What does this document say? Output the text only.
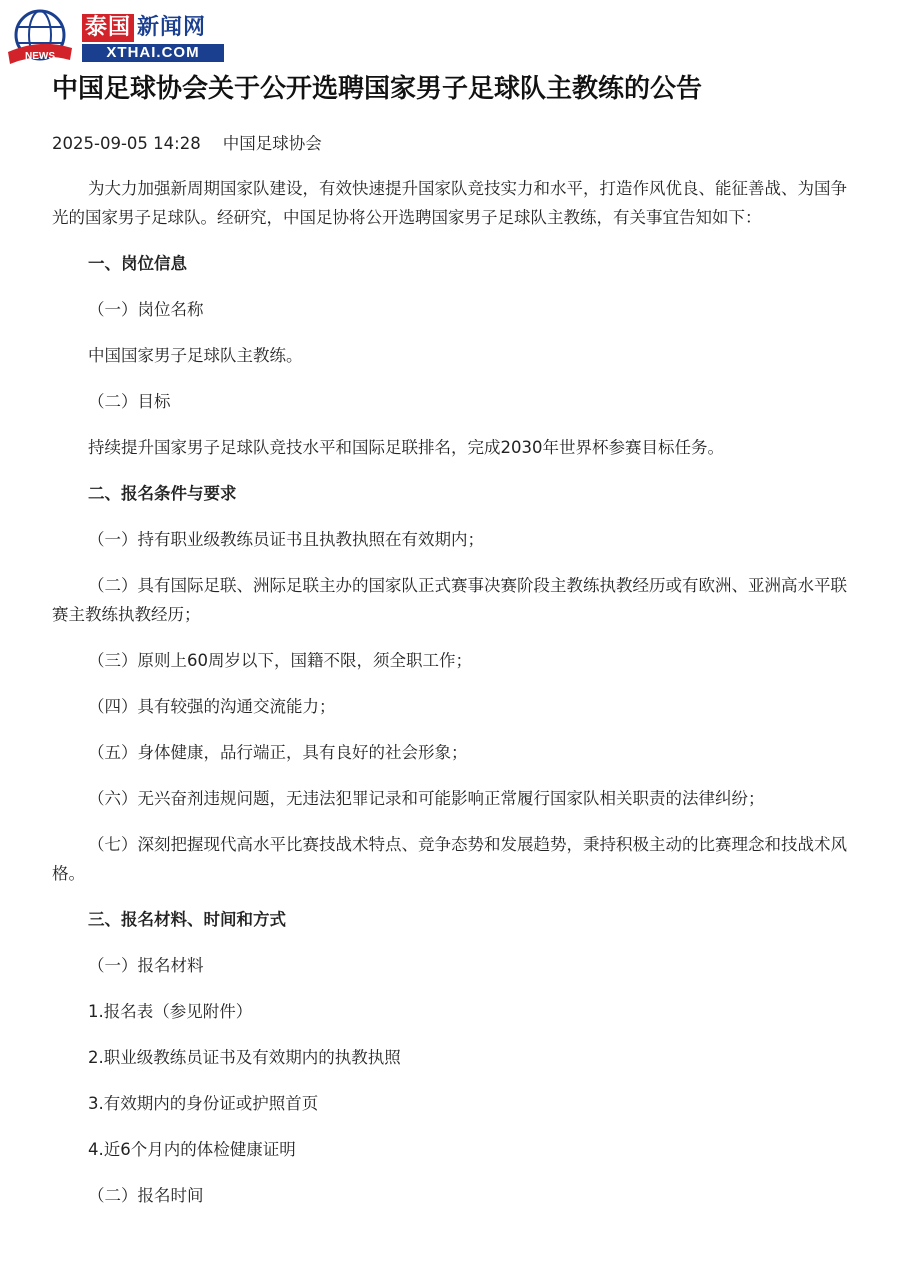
NEWS
泰国 新闻网
XTHAI.COM
中国足球协会关于公开选聘国家男子足球队主教练的公告
2025-09-05 14:28 中国足球协会

为大力加强新周期国家队建设，有效快速提升国家队竞技实力和水平，打造作风优良、能征善战、为国争光的国家男子足球队。经研究，中国足协将公开选聘国家男子足球队主教练，有关事宜告知如下：

一、岗位信息

（一）岗位名称

中国国家男子足球队主教练。

（二）目标

持续提升国家男子足球队竞技水平和国际足联排名，完成2030年世界杯参赛目标任务。

二、报名条件与要求

（一）持有职业级教练员证书且执教执照在有效期内；

（二）具有国际足联、洲际足联主办的国家队正式赛事决赛阶段主教练执教经历或有欧洲、亚洲高水平联赛主教练执教经历；

（三）原则上60周岁以下，国籍不限，须全职工作；

（四）具有较强的沟通交流能力；

（五）身体健康，品行端正，具有良好的社会形象；

（六）无兴奋剂违规问题，无违法犯罪记录和可能影响正常履行国家队相关职责的法律纠纷；

（七）深刻把握现代高水平比赛技战术特点、竞争态势和发展趋势，秉持积极主动的比赛理念和技战术风格。

三、报名材料、时间和方式

（一）报名材料

1.报名表（参见附件）

2.职业级教练员证书及有效期内的执教执照

3.有效期内的身份证或护照首页

4.近6个月内的体检健康证明

（二）报名时间
